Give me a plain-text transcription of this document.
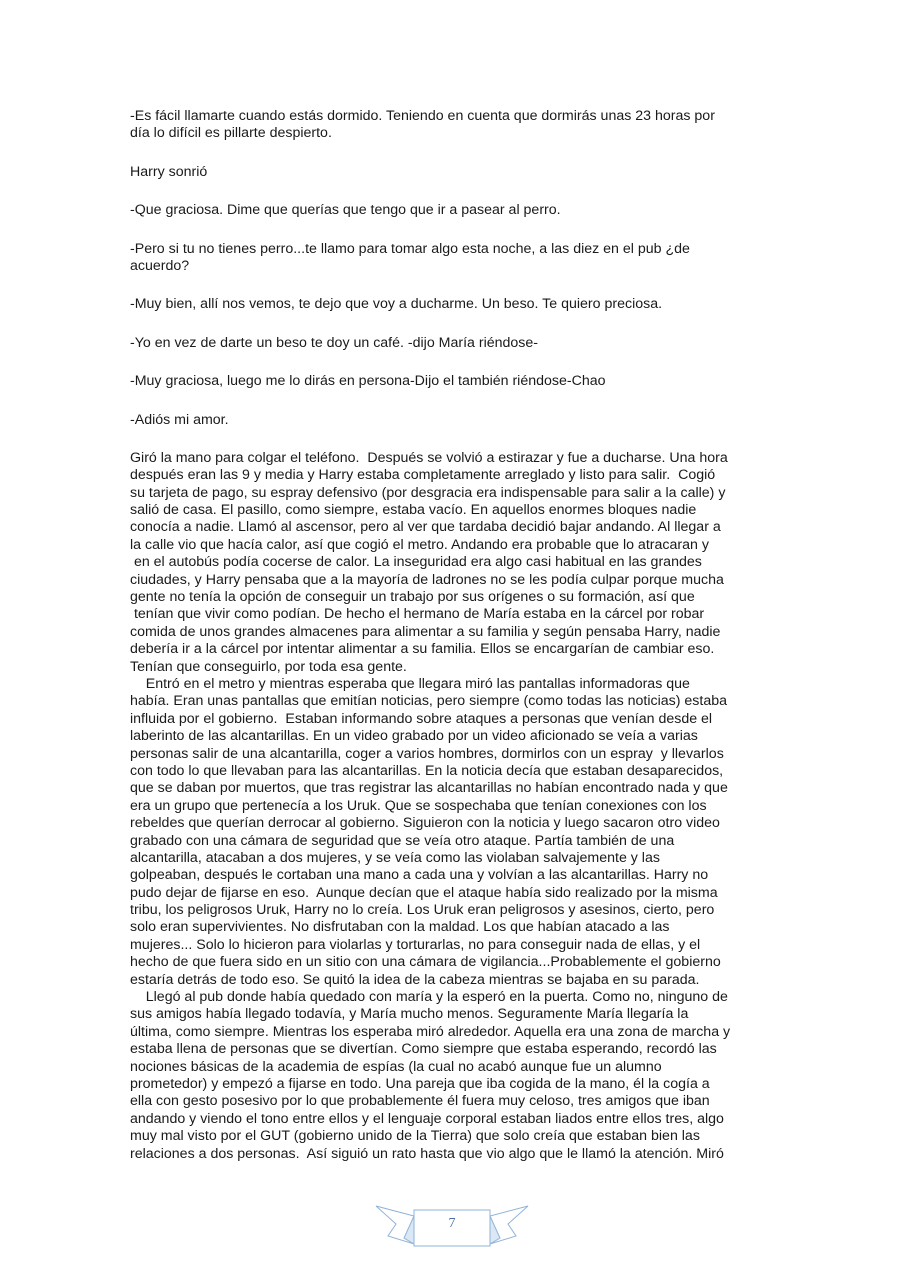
-Es fácil llamarte cuando estás dormido. Teniendo en cuenta que dormirás unas 23 horas por
día lo difícil es pillarte despierto.
Harry sonrió
-Que graciosa. Dime que querías que tengo que ir a pasear al perro.
-Pero si tu no tienes perro...te llamo para tomar algo esta noche, a las diez en el pub ¿de
acuerdo?
-Muy bien, allí nos vemos, te dejo que voy a ducharme. Un beso. Te quiero preciosa.
-Yo en vez de darte un beso te doy un café. -dijo María riéndose-
-Muy graciosa, luego me lo dirás en persona-Dijo el también riéndose-Chao
-Adiós mi amor.
Giró la mano para colgar el teléfono.  Después se volvió a estirazar y fue a ducharse. Una hora
después eran las 9 y media y Harry estaba completamente arreglado y listo para salir.  Cogió
su tarjeta de pago, su espray defensivo (por desgracia era indispensable para salir a la calle) y
salió de casa. El pasillo, como siempre, estaba vacío. En aquellos enormes bloques nadie
conocía a nadie. Llamó al ascensor, pero al ver que tardaba decidió bajar andando. Al llegar a
la calle vio que hacía calor, así que cogió el metro. Andando era probable que lo atracaran y
en el autobús podía cocerse de calor. La inseguridad era algo casi habitual en las grandes
ciudades, y Harry pensaba que a la mayoría de ladrones no se les podía culpar porque mucha
gente no tenía la opción de conseguir un trabajo por sus orígenes o su formación, así que
tenían que vivir como podían. De hecho el hermano de María estaba en la cárcel por robar
comida de unos grandes almacenes para alimentar a su familia y según pensaba Harry, nadie
debería ir a la cárcel por intentar alimentar a su familia. Ellos se encargarían de cambiar eso.
Tenían que conseguirlo, por toda esa gente.
Entró en el metro y mientras esperaba que llegara miró las pantallas informadoras que
había. Eran unas pantallas que emitían noticias, pero siempre (como todas las noticias) estaba
influida por el gobierno.  Estaban informando sobre ataques a personas que venían desde el
laberinto de las alcantarillas. En un video grabado por un video aficionado se veía a varias
personas salir de una alcantarilla, coger a varios hombres, dormirlos con un espray  y llevarlos
con todo lo que llevaban para las alcantarillas. En la noticia decía que estaban desaparecidos,
que se daban por muertos, que tras registrar las alcantarillas no habían encontrado nada y que
era un grupo que pertenecía a los Uruk. Que se sospechaba que tenían conexiones con los
rebeldes que querían derrocar al gobierno. Siguieron con la noticia y luego sacaron otro video
grabado con una cámara de seguridad que se veía otro ataque. Partía también de una
alcantarilla, atacaban a dos mujeres, y se veía como las violaban salvajemente y las
golpeaban, después le cortaban una mano a cada una y volvían a las alcantarillas. Harry no
pudo dejar de fijarse en eso.  Aunque decían que el ataque había sido realizado por la misma
tribu, los peligrosos Uruk, Harry no lo creía. Los Uruk eran peligrosos y asesinos, cierto, pero
solo eran supervivientes. No disfrutaban con la maldad. Los que habían atacado a las
mujeres... Solo lo hicieron para violarlas y torturarlas, no para conseguir nada de ellas, y el
hecho de que fuera sido en un sitio con una cámara de vigilancia...Probablemente el gobierno
estaría detrás de todo eso. Se quitó la idea de la cabeza mientras se bajaba en su parada.
Llegó al pub donde había quedado con maría y la esperó en la puerta. Como no, ninguno de
sus amigos había llegado todavía, y María mucho menos. Seguramente María llegaría la
última, como siempre. Mientras los esperaba miró alrededor. Aquella era una zona de marcha y
estaba llena de personas que se divertían. Como siempre que estaba esperando, recordó las
nociones básicas de la academia de espías (la cual no acabó aunque fue un alumno
prometedor) y empezó a fijarse en todo. Una pareja que iba cogida de la mano, él la cogía a
ella con gesto posesivo por lo que probablemente él fuera muy celoso, tres amigos que iban
andando y viendo el tono entre ellos y el lenguaje corporal estaban liados entre ellos tres, algo
muy mal visto por el GUT (gobierno unido de la Tierra) que solo creía que estaban bien las
relaciones a dos personas.  Así siguió un rato hasta que vio algo que le llamó la atención. Miró
7
